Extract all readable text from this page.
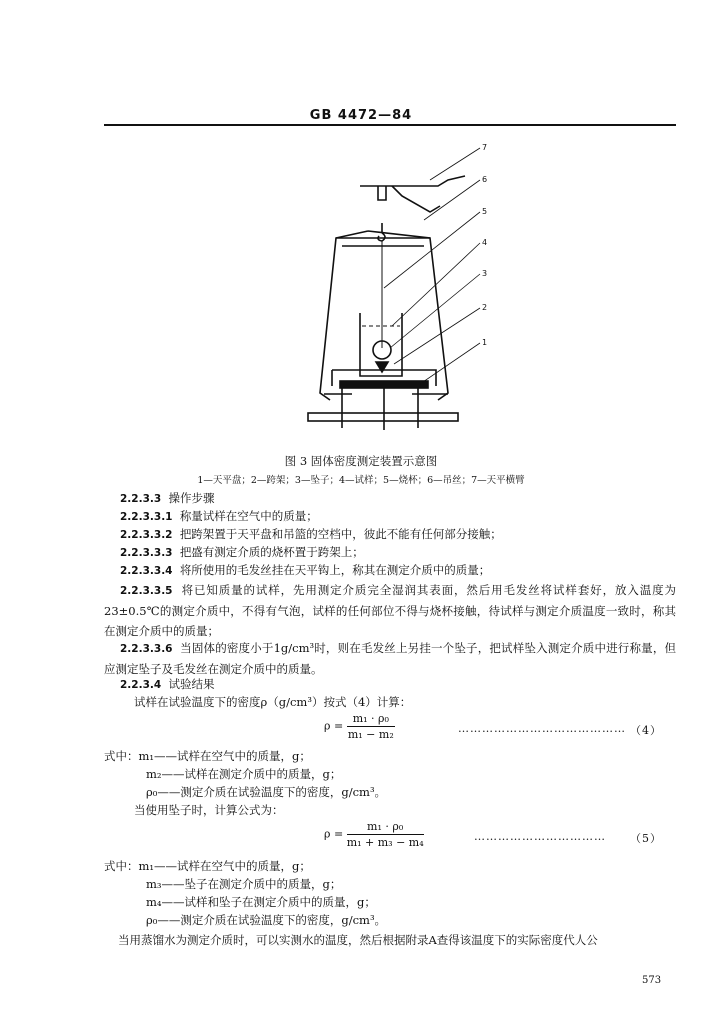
GB 4472—84
7
6
5
4
3
2
1
图 3 固体密度测定装置示意图
1—天平盘；2—跨架；3—坠子；4—试样；5—烧杯；6—吊丝；7—天平横臂
2.2.3.3 操作步骤
2.2.3.3.1 称量试样在空气中的质量；
2.2.3.3.2 把跨架置于天平盘和吊篮的空档中，彼此不能有任何部分接触；
2.2.3.3.3 把盛有测定介质的烧杯置于跨架上；
2.2.3.3.4 将所使用的毛发丝挂在天平钩上，称其在测定介质中的质量；
2.2.3.3.5 将已知质量的试样，先用测定介质完全湿润其表面，然后用毛发丝将试样套好，放入温度为23±0.5℃的测定介质中，不得有气泡，试样的任何部位不得与烧杯接触，待试样与测定介质温度一致时，称其在测定介质中的质量；
2.2.3.3.6 当固体的密度小于1g/cm³时，则在毛发丝上另挂一个坠子，把试样坠入测定介质中进行称量，但应测定坠子及毛发丝在测定介质中的质量。
2.2.3.4 试验结果
试样在试验温度下的密度ρ（g/cm³）按式（4）计算：
$\rho = \frac{\text{m₁ · ρ₀}}{\text{m₁ − m₂}}$	…………………………………… （4）
式中：m₁——试样在空气中的质量，g；
m₂——试样在测定介质中的质量，g；
ρ₀——测定介质在试验温度下的密度，g/cm³。
当使用坠子时，计算公式为：
$\rho = \frac{\text{m₁ · ρ₀}}{\text{m₁ + m₃ − m₄}}$	…………………………… （5）
式中：m₁——试样在空气中的质量，g；
m₃——坠子在测定介质中的质量，g；
m₄——试样和坠子在测定介质中的质量，g；
ρ₀——测定介质在试验温度下的密度，g/cm³。
当用蒸馏水为测定介质时，可以实测水的温度，然后根据附录A查得该温度下的实际密度代人公
573
